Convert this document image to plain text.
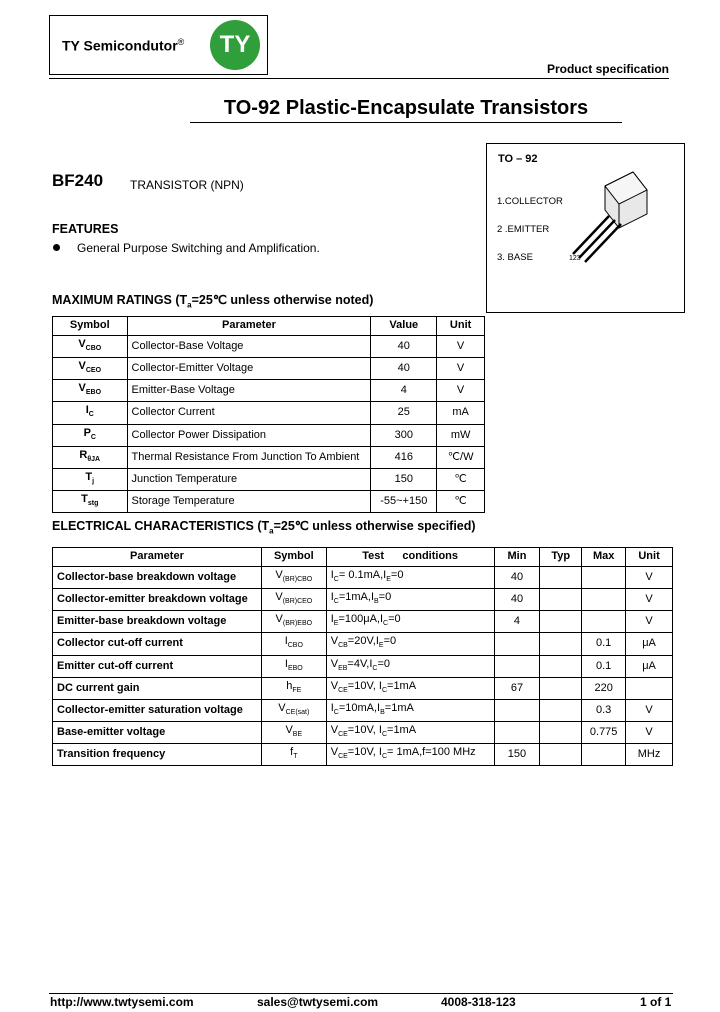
TY Semicondutor®	TY
Product specification
TO-92 Plastic-Encapsulate Transistors
BF240 TRANSISTOR (NPN)
FEATURES
General Purpose Switching and Amplification.
TO – 92
1.COLLECTOR
2 .EMITTER
3. BASE	1 2 3
MAXIMUM RATINGS ($T_a=25℃$ unless otherwise noted)
Symbol	Parameter	Value	Unit
$V_{CBO}$	Collector-Base Voltage	40	V
$V_{CEO}$	Collector-Emitter Voltage	40	V
$V_{EBO}$	Emitter-Base Voltage	4	V
$I_C$	Collector Current	25	mA
$P_C$	Collector Power Dissipation	300	mW
$R_{\theta JA}$	Thermal Resistance From Junction To Ambient	416	℃/W
$T_j$	Junction Temperature	150	℃
$T_{stg}$	Storage Temperature	-55~+150	℃
ELECTRICAL CHARACTERISTICS ($T_a=25℃$ unless otherwise specified)
Parameter	Symbol	Test      conditions	Min	Typ	Max	Unit
Collector-base breakdown voltage	$V_{(BR)CBO}$	$I_C= 0.1mA,I_E=0$	40			V
Collector-emitter breakdown voltage	$V_{(BR)CEO}$	$I_C=1mA,I_B=0$	40			V
Emitter-base breakdown voltage	$V_{(BR)EBO}$	$I_E=100\mu A,I_C=0$	4			V
Collector cut-off current	$I_{CBO}$	$V_{CB}=20V,I_E=0$			0.1	μA
Emitter cut-off current	$I_{EBO}$	$V_{EB}=4V,I_C=0$			0.1	μA
DC current gain	$h_{FE}$	$V_{CE}=10V$, $I_C=1mA$	67		220	
Collector-emitter saturation voltage	$V_{CE(sat)}$	$I_C=10mA,I_B=1mA$			0.3	V
Base-emitter voltage	$V_{BE}$	$V_{CE}=10V$, $I_C=1mA$			0.775	V
Transition frequency	$f_T$	$V_{CE}=10V$, $I_C= 1mA,f=100$ MHz	150			MHz
http://www.twtysemi.com	sales@twtysemi.com	4008-318-123	1 of 1
